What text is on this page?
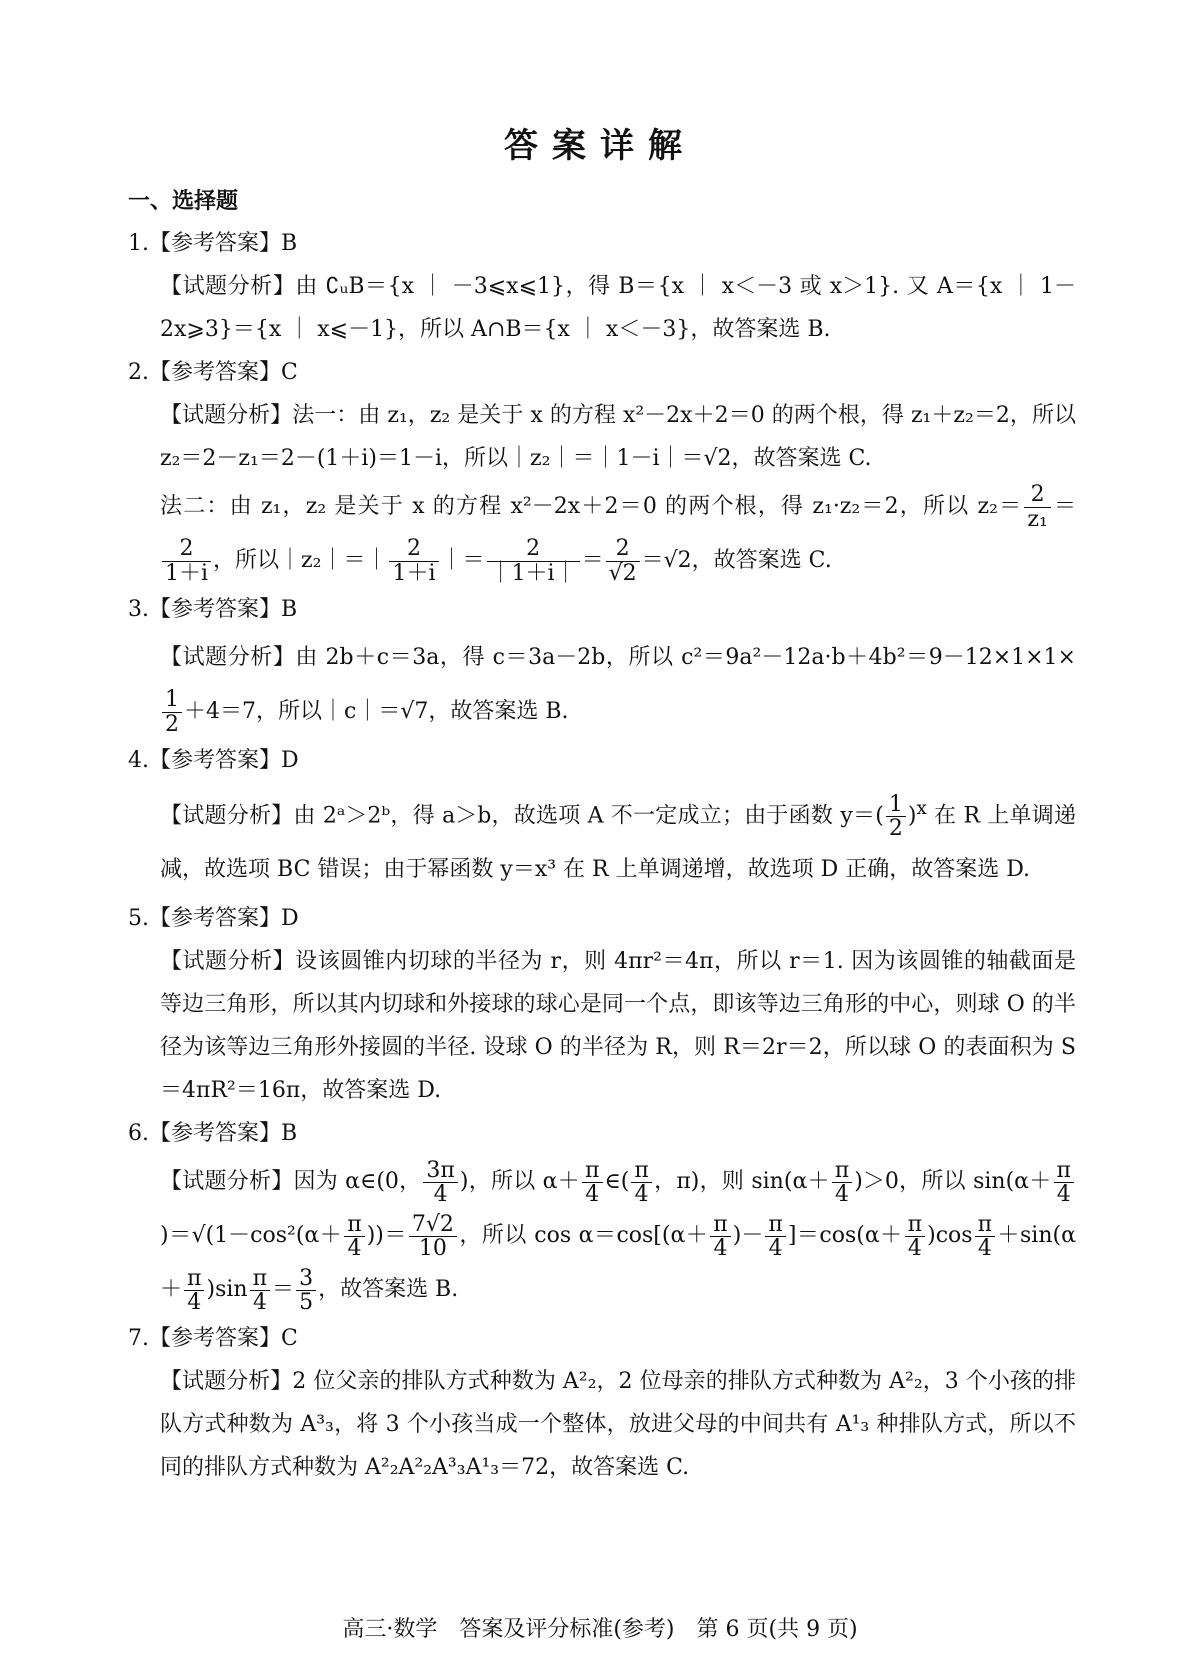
答案详解
一、选择题

1.【参考答案】B

【试题分析】由 ∁ᵤB＝{x ｜ －3⩽x⩽1}，得 B＝{x ｜ x＜－3 或 x＞1}. 又 A＝{x ｜ 1－2x⩾3}＝{x ｜ x⩽－1}，所以 A∩B＝{x ｜ x＜－3}，故答案选 B.

2.【参考答案】C

【试题分析】法一：由 z₁，z₂ 是关于 x 的方程 x²－2x＋2＝0 的两个根，得 z₁＋z₂＝2，所以 z₂＝2－z₁＝2－(1＋i)＝1－i，所以｜z₂｜＝｜1－i｜＝√2，故答案选 C.

法二：由 z₁，z₂ 是关于 x 的方程 x²－2x＋2＝0 的两个根，得 z₁·z₂＝2，所以 $z_2= \frac{2}{\text{z₁}}$ ＝
$\frac{2}{1+i}$ ，所以｜z₂｜＝｜ $\frac{2}{1+i}$ ｜＝ $\frac{2}{|1+i|} = \frac{2}{√2} =√2$，故答案选 C.

3.【参考答案】B

【试题分析】由 2b＋c＝3a，得 c＝3a－2b，所以 c²＝9a²－12a·b＋4b²＝9－12×1×1×
$\frac{1}{2} +4=7$，所以｜c｜＝√7，故答案选 B.

4.【参考答案】D

【试题分析】由 2ᵃ＞2ᵇ，得 a＞b，故选项 A 不一定成立；由于函数 $y=( \frac{1}{2} )^x$ 在 R 上单调递减，故选项 BC 错误；由于幂函数 y＝x³ 在 R 上单调递增，故选项 D 正确，故答案选 D.

5.【参考答案】D

【试题分析】设该圆锥内切球的半径为 r，则 4πr²＝4π，所以 r＝1. 因为该圆锥的轴截面是等边三角形，所以其内切球和外接球的球心是同一个点，即该等边三角形的中心，则球 O 的半径为该等边三角形外接圆的半径. 设球 O 的半径为 R，则 R＝2r＝2，所以球 O 的表面积为 S＝4πR²＝16π，故答案选 D.

6.【参考答案】B

【试题分析】因为 α∈(0， $\frac{3\pi}{4}$ )，所以 $\alpha+ \frac{\pi}{4}$ ∈( $\frac{\pi}{4}$ ，π)，则 $\sin(\alpha+ \frac{\pi}{4} )>0$，所以 $\sin(\alpha+ \frac{\pi}{4}$
)$=√(1-\cos^2(\alpha+ \frac{\pi}{4}$ ))＝ $\frac{7√2}{10}$ ，所以 $\cos \alpha=\cos[(\alpha+ \frac{\pi}{4}$ )－ $\frac{\pi}{4} ]=\cos(\alpha+ \frac{\pi}{4} )\cos \frac{\pi}{4} +\sin(\alpha+ \frac{\pi}{4} )\sin \frac{\pi}{4} = \frac{3}{5}$ ，故答案选 B.

7.【参考答案】C

【试题分析】2 位父亲的排队方式种数为 A²₂，2 位母亲的排队方式种数为 A²₂，3 个小孩的排队方式种数为 A³₃，将 3 个小孩当成一个整体，放进父母的中间共有 A¹₃ 种排队方式，所以不同的排队方式种数为 A²₂A²₂A³₃A¹₃＝72，故答案选 C.

高三·数学　答案及评分标准(参考)　第 6 页(共 9 页)
